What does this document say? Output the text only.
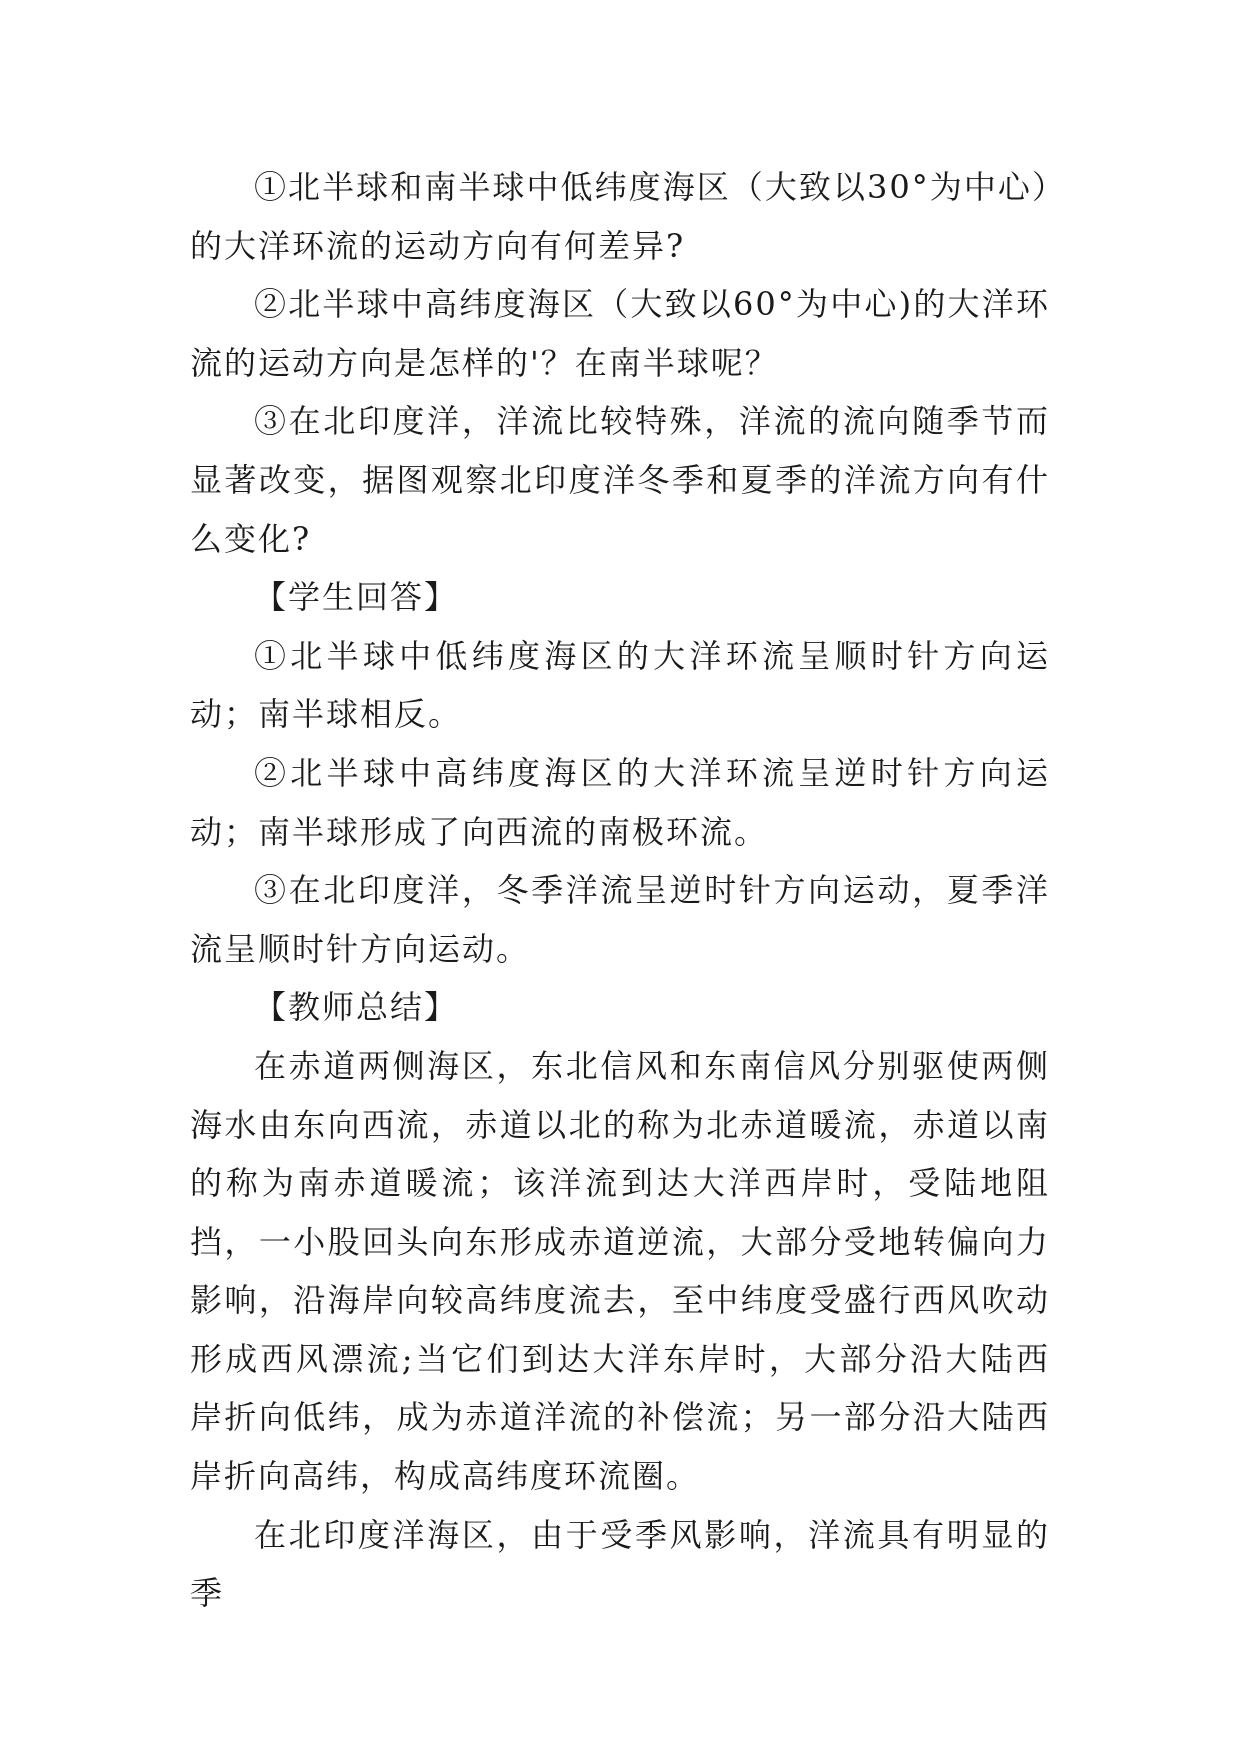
①北半球和南半球中低纬度海区（大致以30°为中心）的大洋环流的运动方向有何差异?

②北半球中高纬度海区（大致以60°为中心)的大洋环流的运动方向是怎样的'？在南半球呢？

③在北印度洋，洋流比较特殊，洋流的流向随季节而显著改变，据图观察北印度洋冬季和夏季的洋流方向有什么变化?

【学生回答】

①北半球中低纬度海区的大洋环流呈顺时针方向运动；南半球相反。

②北半球中高纬度海区的大洋环流呈逆时针方向运动；南半球形成了向西流的南极环流。

③在北印度洋，冬季洋流呈逆时针方向运动，夏季洋流呈顺时针方向运动。

【教师总结】

在赤道两侧海区，东北信风和东南信风分别驱使两侧海水由东向西流，赤道以北的称为北赤道暖流，赤道以南的称为南赤道暖流；该洋流到达大洋西岸时，受陆地阻挡，一小股回头向东形成赤道逆流，大部分受地转偏向力影响，沿海岸向较高纬度流去，至中纬度受盛行西风吹动形成西风漂流;当它们到达大洋东岸时，大部分沿大陆西岸折向低纬，成为赤道洋流的补偿流；另一部分沿大陆西岸折向高纬，构成高纬度环流圈。

在北印度洋海区，由于受季风影响，洋流具有明显的季
